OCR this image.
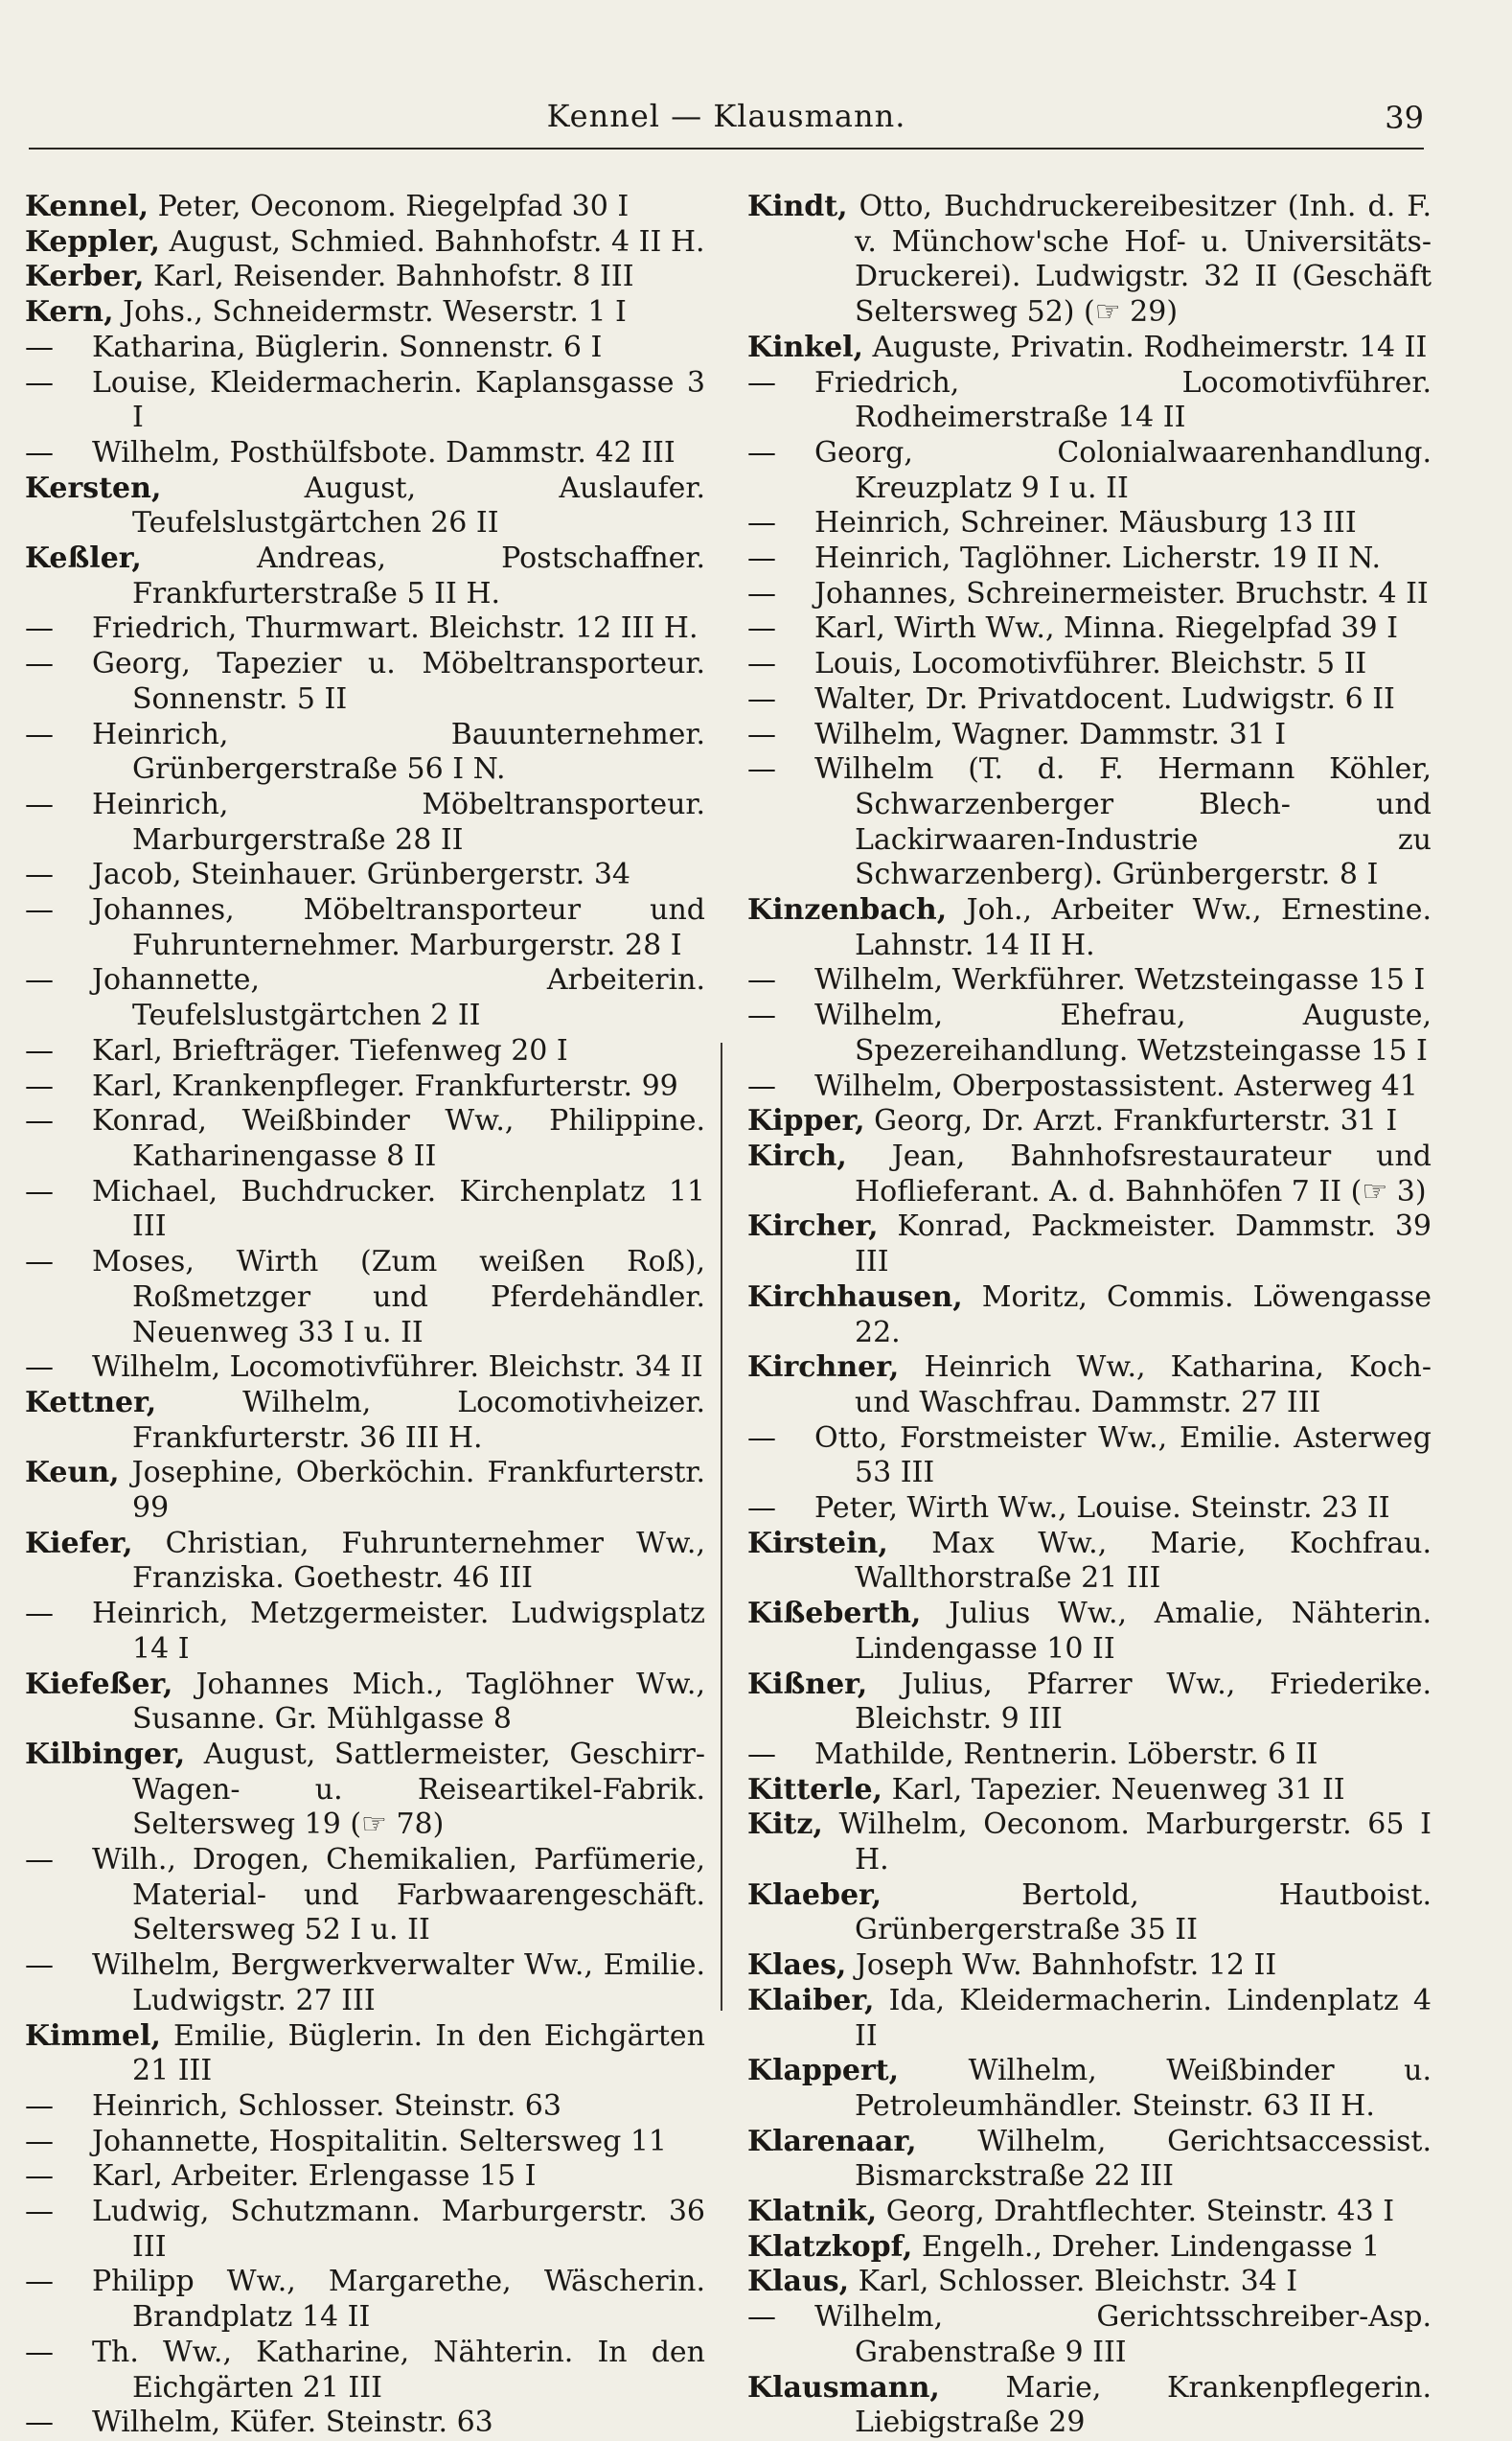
Kennel — Klausmann.	39

Kennel, Peter, Oeconom. Riegelpfad 30 I

Keppler, August, Schmied. Bahnhofstr. 4 II H.

Kerber, Karl, Reisender. Bahnhofstr. 8 III

Kern, Johs., Schneidermstr. Weserstr. 1 I

— Katharina, Büglerin. Sonnenstr. 6 I

— Louise, Kleidermacherin. Kaplansgasse 3 I

— Wilhelm, Posthülfsbote. Dammstr. 42 III

Kersten,	August, Auslaufer. Teufelslustgärtchen 26 II

Keßler,	Andreas, Postschaffner. Frankfurterstraße 5 II H.

— Friedrich, Thurmwart. Bleichstr. 12 III H.

— Georg, Tapezier u. Möbeltransporteur. Sonnenstr. 5 II

— Heinrich, Bauunternehmer. Grünbergerstraße 56 I N.

— Heinrich, Möbeltransporteur. Marburgerstraße 28 II

— Jacob, Steinhauer. Grünbergerstr. 34

— Johannes, Möbeltransporteur und Fuhrunternehmer. Marburgerstr. 28 I

— Johannette, Arbeiterin. Teufelslustgärtchen 2 II

— Karl, Briefträger. Tiefenweg 20 I

— Karl, Krankenpfleger. Frankfurterstr. 99

— Konrad, Weißbinder Ww., Philippine. Katharinengasse 8 II

— Michael, Buchdrucker. Kirchenplatz 11 III

— Moses, Wirth (Zum weißen Roß), Roßmetzger und Pferdehändler. Neuenweg 33 I u. II

— Wilhelm, Locomotivführer. Bleichstr. 34 II

Kettner,	Wilhelm, Locomotivheizer. Frankfurterstr. 36 III H.

Keun, Josephine, Oberköchin. Frankfurterstr. 99

Kiefer, Christian, Fuhrunternehmer Ww., Franziska. Goethestr. 46 III

— Heinrich, Metzgermeister. Ludwigsplatz 14 I

Kiefeßer, Johannes Mich., Taglöhner Ww., Susanne. Gr. Mühlgasse 8

Kilbinger, August, Sattlermeister, Geschirr-Wagen- u. Reiseartikel-Fabrik. Seltersweg 19 (☞ 78)

— Wilh., Drogen, Chemikalien, Parfümerie, Material- und Farbwaarengeschäft. Seltersweg 52 I u. II

— Wilhelm, Bergwerkverwalter Ww., Emilie. Ludwigstr. 27 III

Kimmel, Emilie, Büglerin. In den Eichgärten 21 III

— Heinrich, Schlosser. Steinstr. 63

— Johannette, Hospitalitin. Seltersweg 11

— Karl, Arbeiter. Erlengasse 15 I

— Ludwig, Schutzmann. Marburgerstr. 36 III

— Philipp Ww., Margarethe, Wäscherin. Brandplatz 14 II

— Th. Ww., Katharine, Nähterin. In den Eichgärten 21 III

— Wilhelm, Küfer. Steinstr. 63

Kindt, Otto, Buchdruckereibesitzer (Inh. d. F. v. Münchow'sche Hof- u. Universitäts-Druckerei). Ludwigstr. 32 II (Geschäft Seltersweg 52) (☞ 29)

Kinkel, Auguste, Privatin. Rodheimerstr. 14 II

— Friedrich, Locomotivführer. Rodheimerstraße 14 II

— Georg, Colonialwaarenhandlung. Kreuzplatz 9 I u. II

— Heinrich, Schreiner. Mäusburg 13 III

— Heinrich, Taglöhner. Licherstr. 19 II N.

— Johannes, Schreinermeister. Bruchstr. 4 II

— Karl, Wirth Ww., Minna. Riegelpfad 39 I

— Louis, Locomotivführer. Bleichstr. 5 II

— Walter, Dr. Privatdocent. Ludwigstr. 6 II

— Wilhelm, Wagner. Dammstr. 31 I

— Wilhelm (T. d. F. Hermann Köhler, Schwarzenberger Blech- und Lackirwaaren-Industrie zu Schwarzenberg). Grünbergerstr. 8 I

Kinzenbach, Joh., Arbeiter Ww., Ernestine. Lahnstr. 14 II H.

— Wilhelm, Werkführer. Wetzsteingasse 15 I

— Wilhelm, Ehefrau, Auguste, Spezereihandlung. Wetzsteingasse 15 I

— Wilhelm, Oberpostassistent. Asterweg 41

Kipper, Georg, Dr. Arzt. Frankfurterstr. 31 I

Kirch, Jean, Bahnhofsrestaurateur und Hoflieferant. A. d. Bahnhöfen 7 II (☞ 3)

Kircher, Konrad, Packmeister. Dammstr. 39 III

Kirchhausen, Moritz, Commis. Löwengasse 22.

Kirchner, Heinrich Ww., Katharina, Koch- und Waschfrau. Dammstr. 27 III

— Otto, Forstmeister Ww., Emilie. Asterweg 53 III

— Peter, Wirth Ww., Louise. Steinstr. 23 II

Kirstein, Max Ww., Marie, Kochfrau. Wallthorstraße 21 III

Kißeberth, Julius Ww., Amalie, Nähterin. Lindengasse 10 II

Kißner, Julius, Pfarrer Ww., Friederike. Bleichstr. 9 III

— Mathilde, Rentnerin. Löberstr. 6 II

Kitterle, Karl, Tapezier. Neuenweg 31 II

Kitz, Wilhelm, Oeconom. Marburgerstr. 65 I H.

Klaeber,	Bertold, Hautboist. Grünbergerstraße 35 II

Klaes, Joseph Ww. Bahnhofstr. 12 II

Klaiber, Ida, Kleidermacherin. Lindenplatz 4 II

Klappert, Wilhelm, Weißbinder u. Petroleumhändler. Steinstr. 63 II H.

Klarenaar, Wilhelm, Gerichtsaccessist. Bismarckstraße 22 III

Klatnik, Georg, Drahtflechter. Steinstr. 43 I

Klatzkopf, Engelh., Dreher. Lindengasse 1

Klaus, Karl, Schlosser. Bleichstr. 34 I

— Wilhelm, Gerichtsschreiber-Asp. Grabenstraße 9 III

Klausmann, Marie, Krankenpflegerin. Liebigstraße 29
